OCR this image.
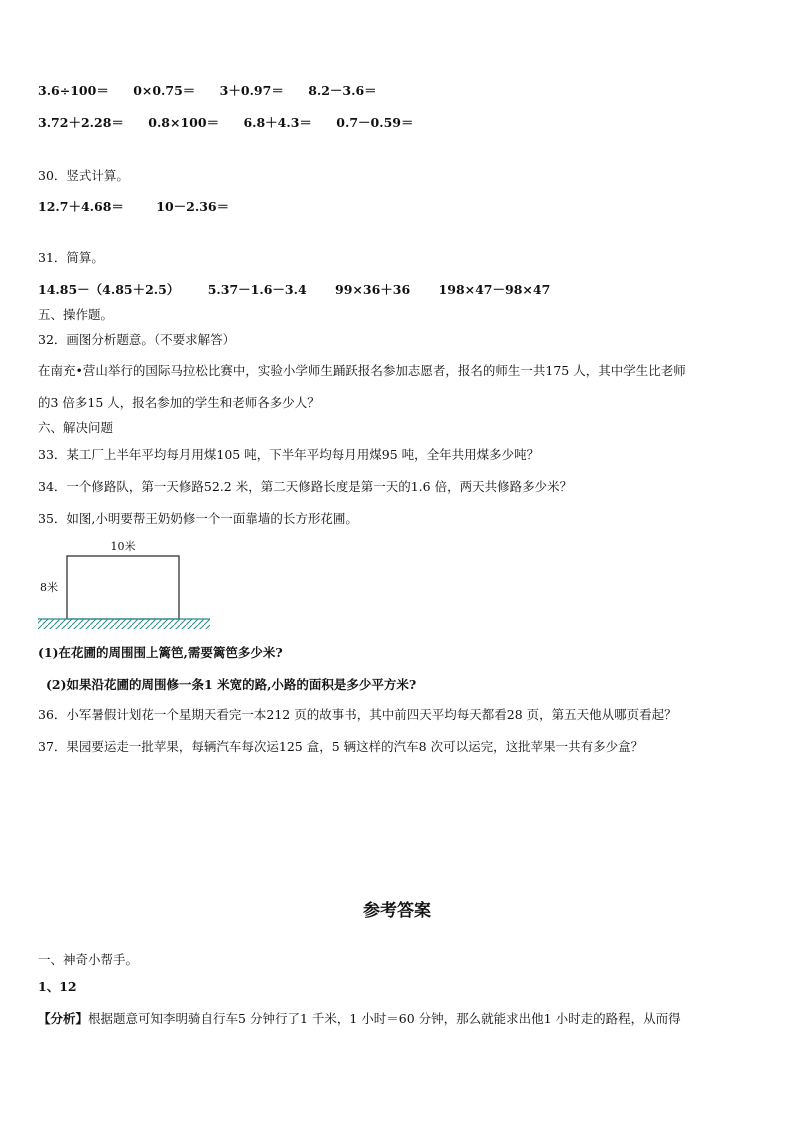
3.6÷100＝ 0×0.75＝ 3＋0.97＝ 8.2－3.6＝
3.72＋2.28＝ 0.8×100＝ 6.8＋4.3＝ 0.7－0.59＝
30．竖式计算。
12.7＋4.68＝	10－2.36＝
31．简算。
14.85－（4.85＋2.5） 5.37－1.6－3.4 99×36＋36 198×47－98×47
五、操作题。
32．画图分析题意。（不要求解答）
在南充•营山举行的国际马拉松比赛中，实验小学师生踊跃报名参加志愿者，报名的师生一共175 人，其中学生比老师
的3 倍多15 人，报名参加的学生和老师各多少人？
六、解决问题
33．某工厂上半年平均每月用煤105 吨，下半年平均每月用煤95 吨，全年共用煤多少吨？
34．一个修路队，第一天修路52.2 米，第二天修路长度是第一天的1.6 倍，两天共修路多少米？
35．如图,小明要帮王奶奶修一个一面靠墙的长方形花圃。
10米
8米
(1)在花圃的周围围上篱笆,需要篱笆多少米?
(2)如果沿花圃的周围修一条1 米宽的路,小路的面积是多少平方米?
36．小军暑假计划花一个星期天看完一本212 页的故事书，其中前四天平均每天都看28 页，第五天他从哪页看起？
37．果园要运走一批苹果，每辆汽车每次运125 盒，5 辆这样的汽车8 次可以运完，这批苹果一共有多少盒？
参考答案
一、神奇小帮手。
1、12
【分析】根据题意可知李明骑自行车5 分钟行了1 千米，1 小时＝60 分钟，那么就能求出他1 小时走的路程，从而得
